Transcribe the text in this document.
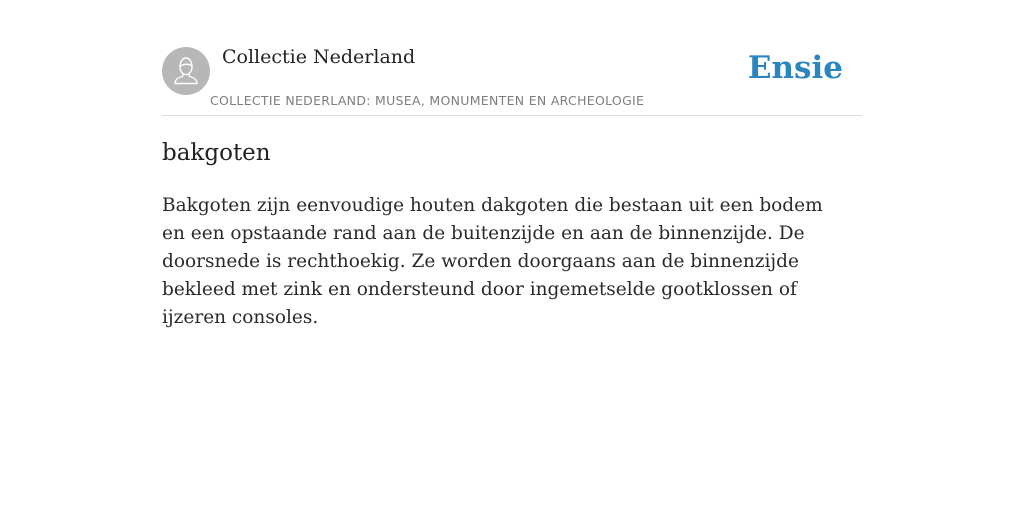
Collectie Nederland
COLLECTIE NEDERLAND: MUSEA, MONUMENTEN EN ARCHEOLOGIE
Ensie
bakgoten

Bakgoten zijn eenvoudige houten dakgoten die bestaan uit een bodem en een opstaande rand aan de buitenzijde en aan de binnenzijde. De doorsnede is rechthoekig. Ze worden doorgaans aan de binnenzijde bekleed met zink en ondersteund door ingemetselde gootklossen of ijzeren consoles.
